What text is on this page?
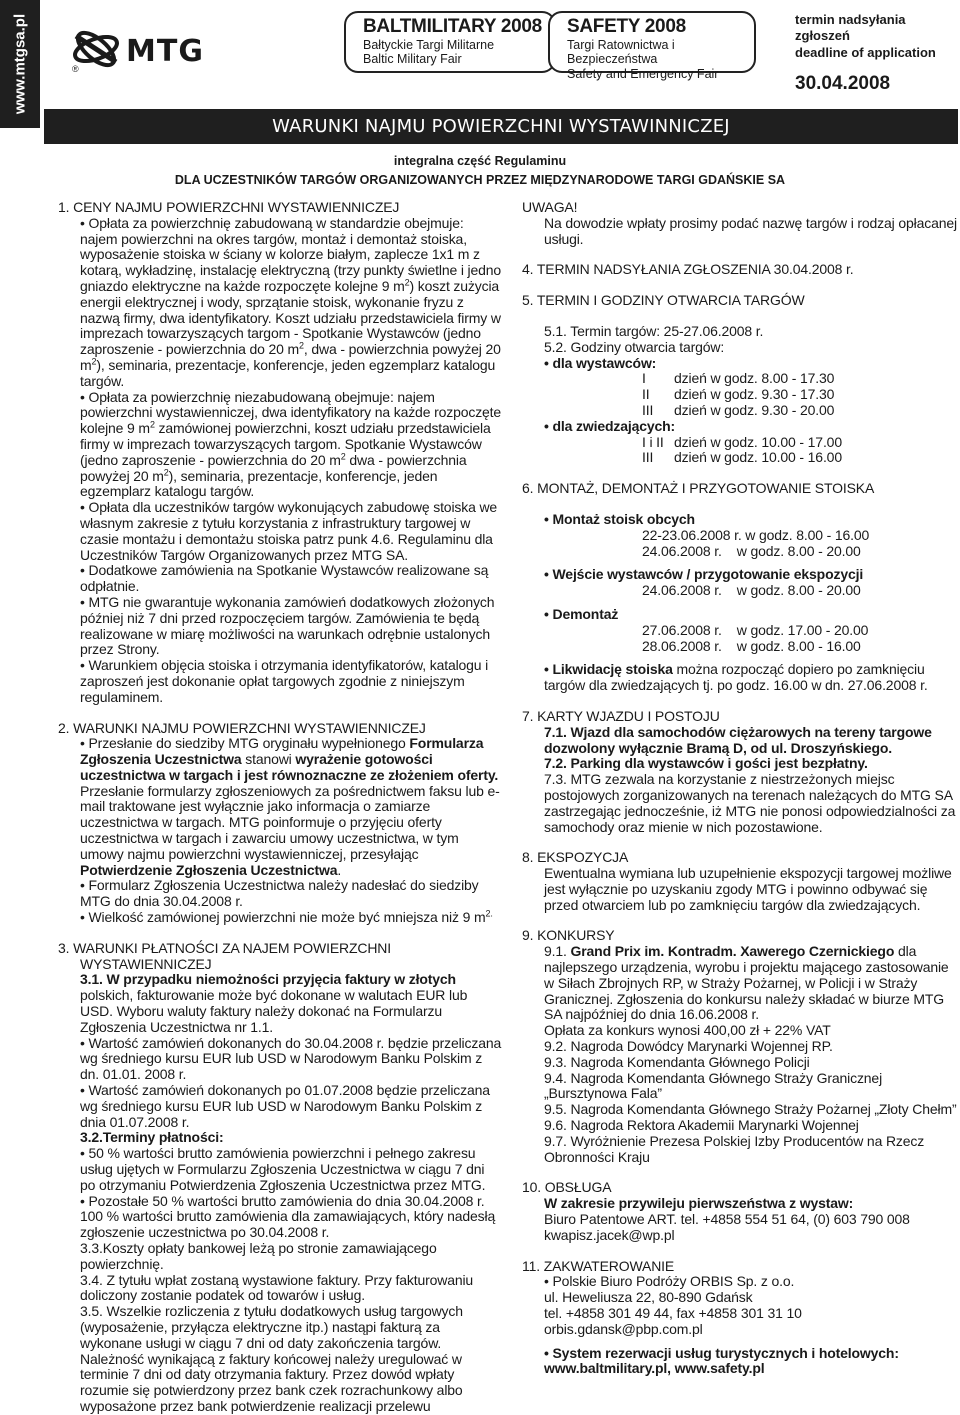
www.mtgsa.pl	MTG
®
BALTMILITARY 2008
Bałtyckie Targi Militarne
Baltic Military Fair
SAFETY 2008
Targi Ratownictwa i Bezpieczeństwa
Safety and Emergency Fair
termin nadsyłania zgłoszeń
deadline of application
30.04.2008
WARUNKI NAJMU POWIERZCHNI WYSTAWINNICZEJ
integralna część Regulaminu
DLA UCZESTNIKÓW TARGÓW ORGANIZOWANYCH PRZEZ MIĘDZYNARODOWE TARGI GDAŃSKIE SA
1. CENY NAJMU POWIERZCHNI WYSTAWIENNICZEJ

• Opłata za powierzchnię zabudowaną w standardzie obejmuje: najem powierzchni na okres targów, montaż i demontaż stoiska, wyposażenie stoiska w ściany w kolorze białym, zaplecze 1x1 m z kotarą, wykładzinę, instalację elektryczną (trzy punkty świetlne i jedno gniazdo elektryczne na każde rozpoczęte kolejne 9 $m^2$) koszt zużycia energii elektrycznej i wody, sprzątanie stoisk, wykonanie fryzu z nazwą firmy, dwa identyfikatory. Koszt udziału przedstawiciela firmy w imprezach towarzyszących targom - Spotkanie Wystawców (jedno zaproszenie - powierzchnia do 20 $m^2$, dwa - powierzchnia powyżej 20 $m^2$), seminaria, prezentacje, konferencje, jeden egzemplarz katalogu targów.

• Opłata za powierzchnię niezabudowaną obejmuje: najem powierzchni wystawienniczej, dwa identyfikatory na każde rozpoczęte kolejne 9 $m^2$ zamówionej powierzchni, koszt udziału przedstawiciela firmy w imprezach towarzyszących targom. Spotkanie Wystawców (jedno zaproszenie - powierzchnia do 20 $m^2$ dwa - powierzchnia powyżej 20 $m^2$), seminaria, prezentacje, konferencje, jeden egzemplarz katalogu targów.

• Opłata dla uczestników targów wykonujących zabudowę stoiska we własnym zakresie z tytułu korzystania z infrastruktury targowej w czasie montażu i demontażu stoiska patrz punk 4.6. Regulaminu dla Uczestników Targów Organizowanych przez MTG SA.

• Dodatkowe zamówienia na Spotkanie Wystawców realizowane są odpłatnie.

• MTG nie gwarantuje wykonania zamówień dodatkowych złożonych później niż 7 dni przed rozpoczęciem targów. Zamówienia te będą realizowane w miarę możliwości na warunkach odrębnie ustalonych przez Strony.

• Warunkiem objęcia stoiska i otrzymania identyfikatorów, katalogu i zaproszeń jest dokonanie opłat targowych zgodnie z niniejszym regulaminem.

2. WARUNKI NAJMU POWIERZCHNI WYSTAWIENNICZEJ

• Przesłanie do siedziby MTG oryginału wypełnionego Formularza Zgłoszenia Uczestnictwa stanowi wyrażenie gotowości uczestnictwa w targach i jest równoznaczne ze złożeniem oferty. Przesłanie formularzy zgłoszeniowych za pośrednictwem faksu lub e-mail traktowane jest wyłącznie jako informacja o zamiarze uczestnictwa w targach. MTG poinformuje o przyjęciu oferty uczestnictwa w targach i zawarciu umowy uczestnictwa, w tym umowy najmu powierzchni wystawienniczej, przesyłając Potwierdzenie Zgłoszenia Uczestnictwa.

• Formularz Zgłoszenia Uczestnictwa należy nadesłać do siedziby MTG do dnia 30.04.2008 r.

• Wielkość zamówionej powierzchni nie może być mniejsza niż 9 $m^{2.}$

3. WARUNKI PŁATNOŚCI ZA NAJEM POWIERZCHNI
WYSTAWIENNICZEJ

3.1. W przypadku niemożności przyjęcia faktury w złotych

polskich, fakturowanie może być dokonane w walutach EUR lub USD. Wyboru waluty faktury należy dokonać na Formularzu Zgłoszenia Uczestnictwa nr 1.1.

• Wartość zamówień dokonanych do 30.04.2008 r. będzie przeliczana wg średniego kursu EUR lub USD w Narodowym Banku Polskim z dn. 01.01. 2008 r.

• Wartość zamówień dokonanych po 01.07.2008 będzie przeliczana wg średniego kursu EUR lub USD w Narodowym Banku Polskim z dnia 01.07.2008 r.

3.2.Terminy płatności:

• 50 % wartości brutto zamówienia powierzchni i pełnego zakresu usług ujętych w Formularzu Zgłoszenia Uczestnictwa w ciągu 7 dni po otrzymaniu Potwierdzenia Zgłoszenia Uczestnictwa przez MTG.

• Pozostałe 50 % wartości brutto zamówienia do dnia 30.04.2008 r. 100 % wartości brutto zamówienia dla zamawiających, który nadesłą zgłoszenie uczestnictwa po 30.04.2008 r.

3.3.Koszty opłaty bankowej leżą po stronie zamawiającego powierzchnię.

3.4. Z tytułu wpłat zostaną wystawione faktury. Przy fakturowaniu doliczony zostanie podatek od towarów i usług.

3.5. Wszelkie rozliczenia z tytułu dodatkowych usług targowych (wyposażenie, przyłącza elektryczne itp.) nastąpi fakturą za wykonane usługi w ciągu 7 dni od daty zakończenia targów. Należność wynikającą z faktury końcowej należy uregulować w terminie 7 dni od daty otrzymania faktury. Przez dowód wpłaty rozumie się potwierdzony przez bank czek rozrachunkowy albo wyposażone przez bank potwierdzenie realizacji przelewu

UWAGA!

Na dowodzie wpłaty prosimy podać nazwę targów i rodzaj opłacanej usługi.

4. TERMIN NADSYŁANIA ZGŁOSZENIA 30.04.2008 r.
5. TERMIN I GODZINY OTWARCIA TARGÓW

5.1. Termin targów: 25-27.06.2008 r.

5.2. Godziny otwarcia targów:

• dla wystawców:

I	dzień w godz. 8.00 - 17.30
II	dzień w godz. 9.30 - 17.30
III	dzień w godz. 9.30 - 20.00

• dla zwiedzających:

I i II dzień w godz. 10.00 - 17.00
III	dzień w godz. 10.00 - 16.00
6. MONTAŻ, DEMONTAŻ I PRZYGOTOWANIE STOISKA

• Montaż stoisk obcych

22-23.06.2008 r. w godz. 8.00 - 16.00

24.06.2008 r.    w godz. 8.00 - 20.00

• Wejście wystawców / przygotowanie ekspozycji

24.06.2008 r.    w godz. 8.00 - 20.00

• Demontaż

27.06.2008 r.    w godz. 17.00 - 20.00

28.06.2008 r.    w godz. 8.00 - 16.00

• Likwidację stoiska można rozpocząć dopiero po zamknięciu targów dla zwiedzających tj. po godz. 16.00 w dn. 27.06.2008 r.

7. KARTY WJAZDU I POSTOJU

7.1. Wjazd dla samochodów ciężarowych na tereny targowe dozwolony wyłącznie Bramą D, od ul. Droszyńskiego.

7.2. Parking dla wystawców i gości jest bezpłatny.

7.3. MTG zezwala na korzystanie z niestrzeżonych miejsc postojowych zorganizowanych na terenach należących do MTG SA zastrzegając jednocześnie, iż MTG nie ponosi odpowiedzialności za samochody oraz mienie w nich pozostawione.

8. EKSPOZYCJA

Ewentualna wymiana lub uzupełnienie ekspozycji targowej możliwe jest wyłącznie po uzyskaniu zgody MTG i powinno odbywać się przed otwarciem lub po zamknięciu targów dla zwiedzających.

9. KONKURSY

9.1. Grand Prix im. Kontradm. Xawerego Czernickiego dla najlepszego urządzenia, wyrobu i projektu mającego zastosowanie w Siłach Zbrojnych RP, w Straży Pożarnej, w Policji i w Straży Granicznej. Zgłoszenia do konkursu należy składać w biurze MTG SA najpóźniej do dnia 16.06.2008 r.

Opłata za konkurs wynosi 400,00 zł + 22% VAT

9.2. Nagroda Dowódcy Marynarki Wojennej RP.

9.3. Nagroda Komendanta Głównego Policji

9.4. Nagroda Komendanta Głównego Straży Granicznej „Bursztynowa Fala”

9.5. Nagroda Komendanta Głównego Straży Pożarnej „Złoty Chełm”

9.6. Nagroda Rektora Akademii Marynarki Wojennej

9.7. Wyróżnienie Prezesa Polskiej Izby Producentów na Rzecz Obronności Kraju

10. OBSŁUGA

W zakresie przywileju pierwszeństwa z wystaw:

Biuro Patentowe ART. tel. +4858 554 51 64, (0) 603 790 008

kwapisz.jacek@wp.pl

11. ZAKWATEROWANIE

• Polskie Biuro Podróży ORBIS Sp. z o.o.

ul. Heweliusza 22, 80-890 Gdańsk

tel. +4858 301 49 44, fax +4858 301 31 10

orbis.gdansk@pbp.com.pl

• System rezerwacji usług turystycznych i hotelowych:

www.baltmilitary.pl, www.safety.pl
